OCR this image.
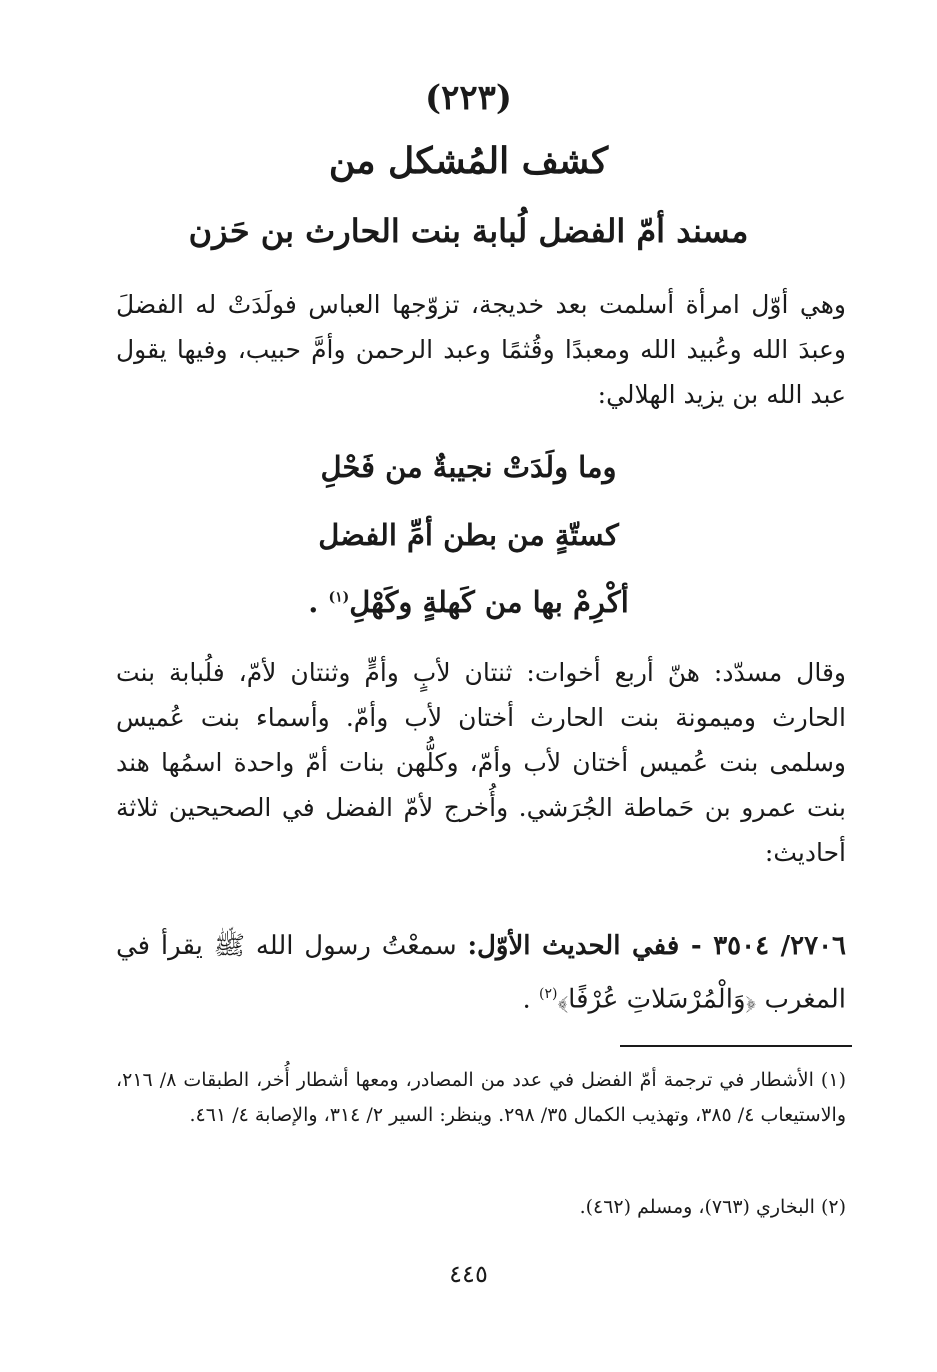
(٢٢٣)
كشف المُشكل من
مسند أمّ الفضل لُبابة بنت الحارث بن حَزن
وهي أوّل امرأة أسلمت بعد خديجة، تزوّجها العباس فولَدَتْ له الفضلَ وعبدَ الله وعُبيد الله ومعبدًا وقُثمًا وعبد الرحمن وأمَّ حبيب، وفيها يقول عبد الله بن يزيد الهلالي:
وما ولَدَتْ نجيبةٌ من فَحْلِ
كستّةٍ من بطن أمِّ الفضل
أكْرِمْ بها من كَهلةٍ وكَهْلِ$^{(١)}$ .
وقال مسدّد: هنّ أربع أخوات: ثنتان لأبٍ وأمٍّ وثنتان لأمّ، فلُبابة بنت الحارث وميمونة بنت الحارث أختان لأب وأمّ. وأسماء بنت عُميس وسلمى بنت عُميس أختان لأب وأمّ، وكلُّهن بنات أمّ واحدة اسمُها هند بنت عمرو بن حَماطة الجُرَشي. وأُخرج لأمّ الفضل في الصحيحين ثلاثة أحاديث:
٢٧٠٦/ ٣٥٠٤ - ففي الحديث الأوّل: سمعْتُ رسول الله ﷺ يقرأ في المغرب ﴿وَالْمُرْسَلاتِ عُرْفًا﴾$^{(٢)}$ .
(١) الأشطار في ترجمة أمّ الفضل في عدد من المصادر، ومعها أشطار أُخر، الطبقات ٨/ ٢١٦، والاستيعاب ٤/ ٣٨٥، وتهذيب الكمال ٣٥/ ٢٩٨. وينظر: السير ٢/ ٣١٤، والإصابة ٤/ ٤٦١.
(٢) البخاري (٧٦٣)، ومسلم (٤٦٢).
٤٤٥
